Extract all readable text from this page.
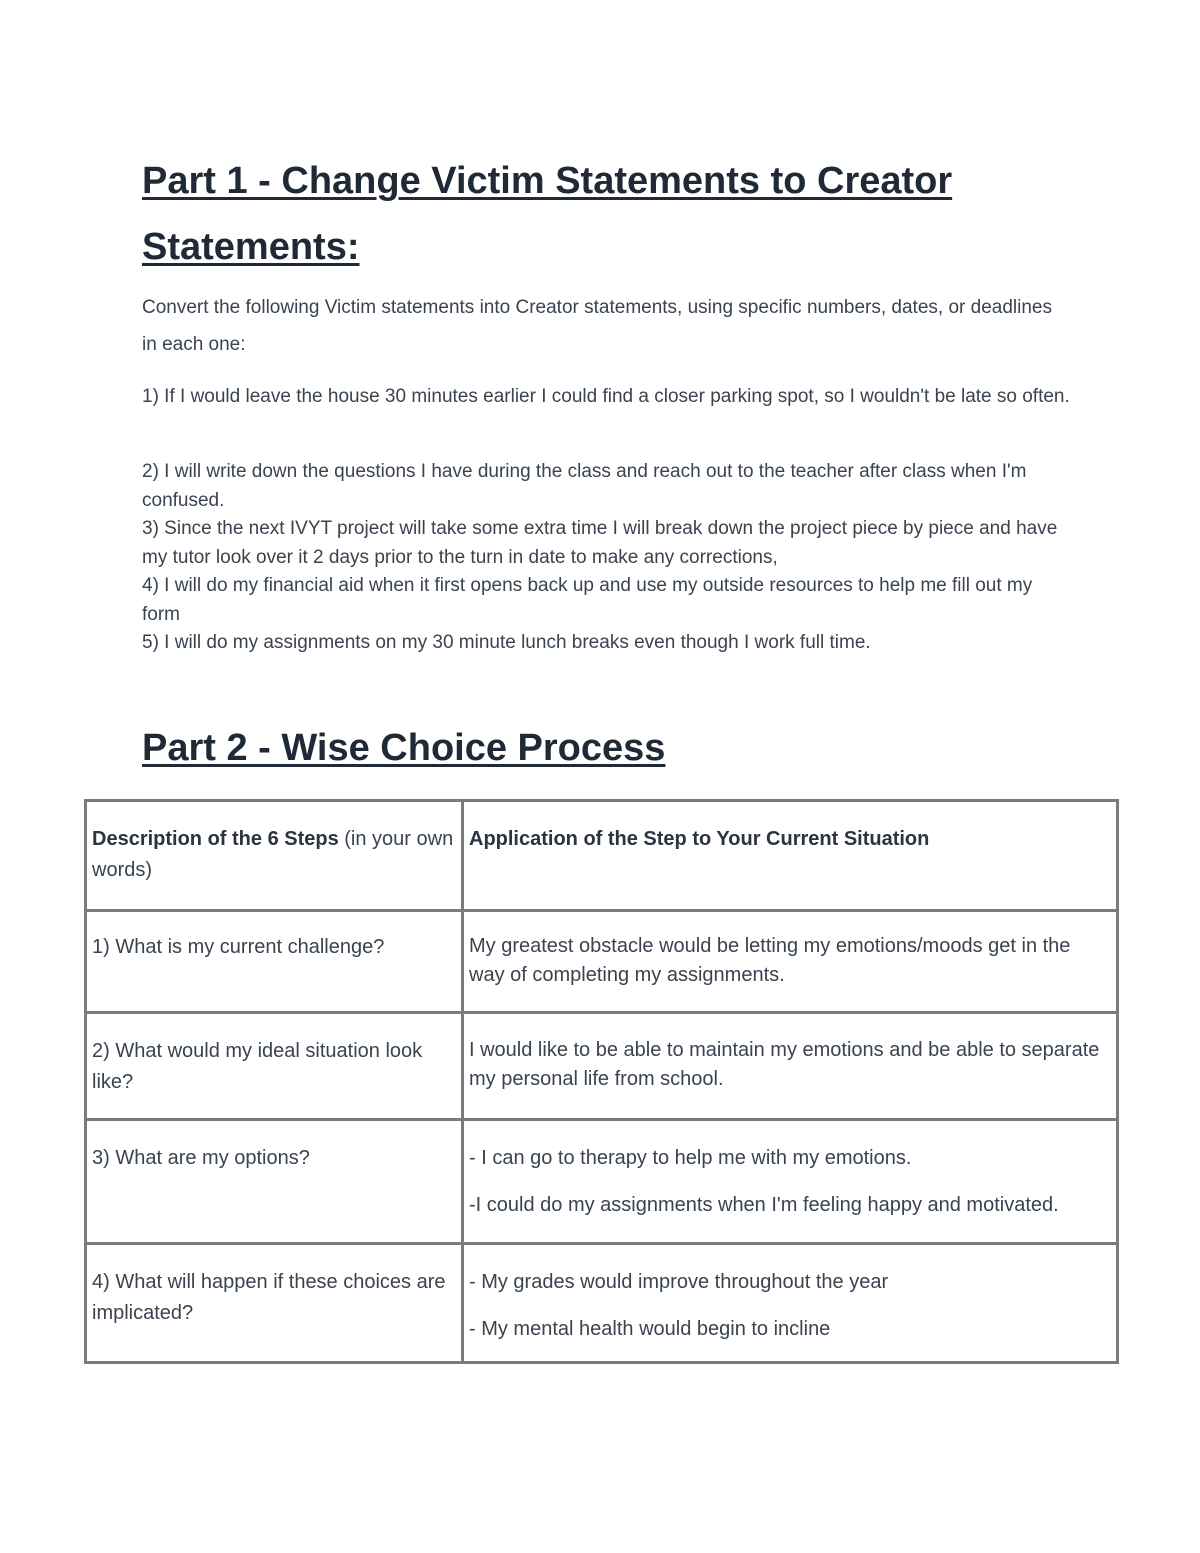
Part 1 - Change Victim Statements to Creator Statements:

Convert the following Victim statements into Creator statements, using specific numbers, dates, or deadlines in each one:

1) If I would leave the house 30 minutes earlier I could find a closer parking spot, so I wouldn't be late so often.

2) I will write down the questions I have during the class and reach out to the teacher after class when I'm confused.

3) Since the next IVYT project will take some extra time I will break down the project piece by piece and have my tutor look over it 2 days prior to the turn in date to make any corrections,

4) I will do my financial aid when it first opens back up and use my outside resources to help me fill out my form

5) I will do my assignments on my 30 minute lunch breaks even though I work full time.

Part 2 - Wise Choice Process
Description of the 6 Steps (in your own words)	Application of the Step to Your Current Situation
1) What is my current challenge?	My greatest obstacle would be letting my emotions/moods get in the way of completing my assignments.

2) What would my ideal situation look like?	I would like to be able to maintain my emotions and be able to separate my personal life from school.

3) What are my options?	- I can go to therapy to help me with my emotions.
-I could do my assignments when I'm feeling happy and motivated.

4) What will happen if these choices are implicated?	- My grades would improve throughout the year
- My mental health would begin to incline
